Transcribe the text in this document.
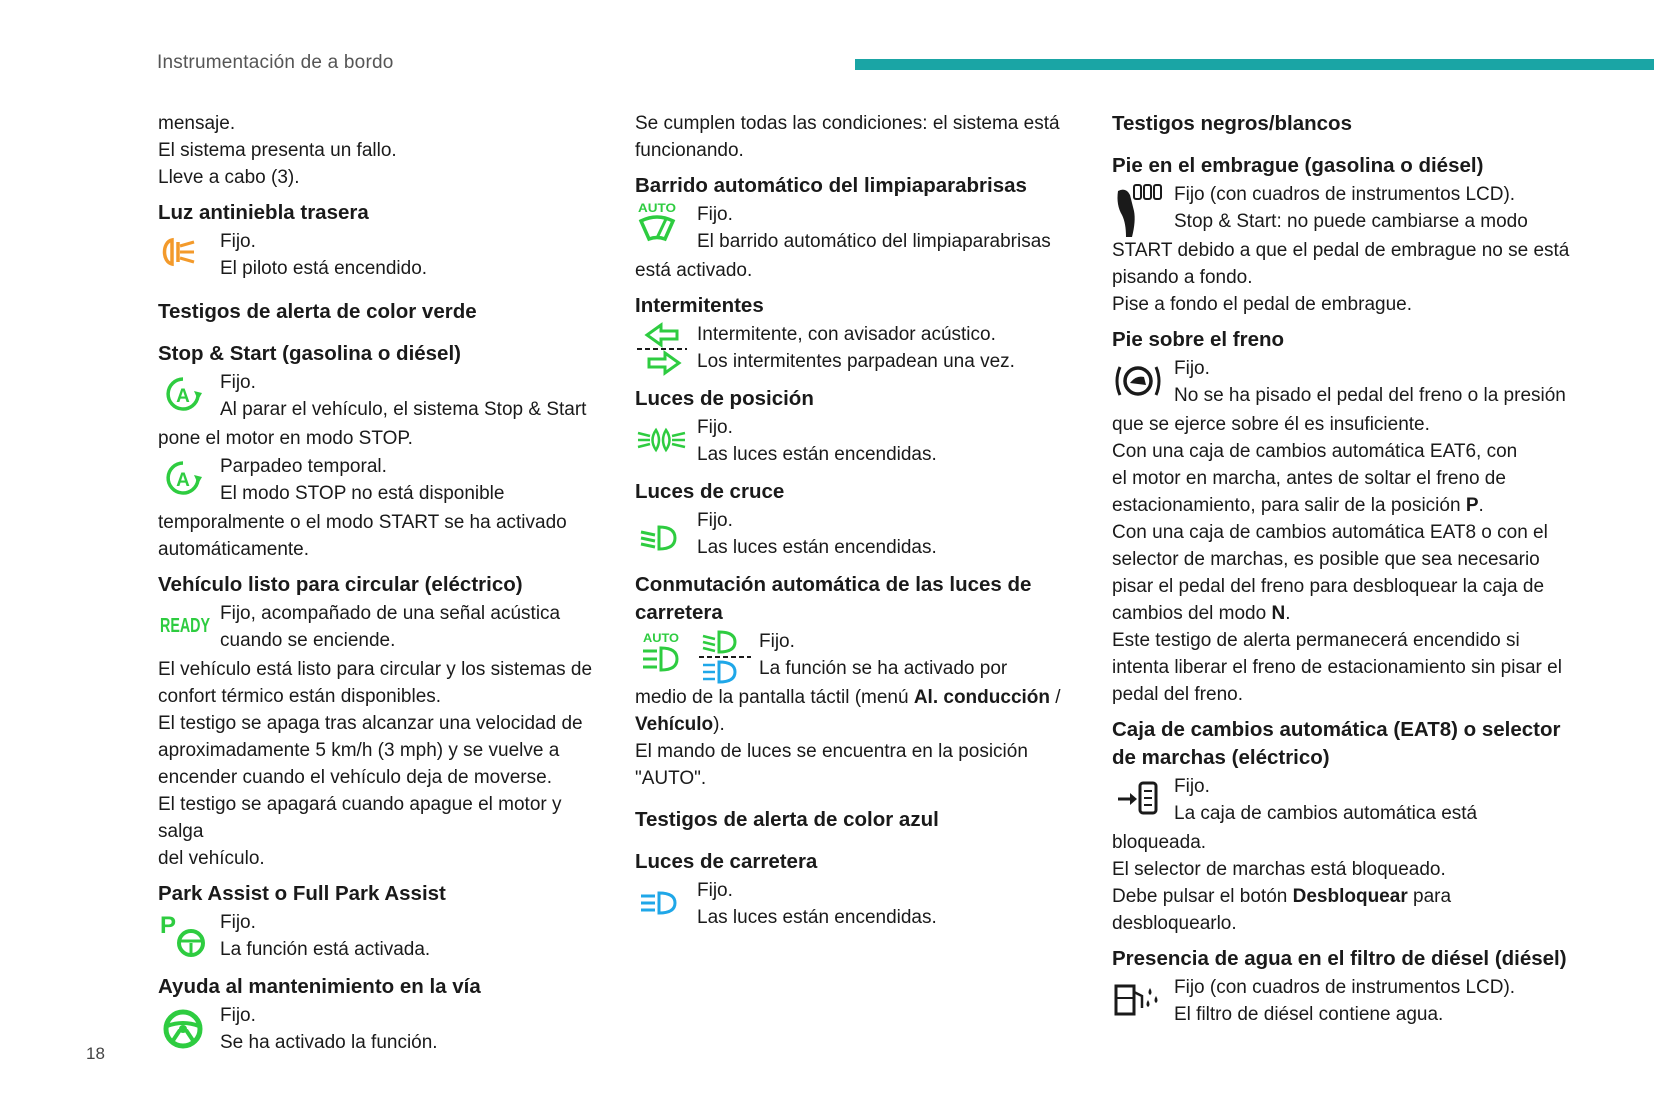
Instrumentación de a bordo
mensaje.
El sistema presenta un fallo.
Lleve a cabo (3).
Luz antiniebla trasera
Fijo.
El piloto está encendido.
Testigos de alerta de color verde
Stop & Start (gasolina o diésel)
A
Fijo.
Al parar el vehículo, el sistema Stop & Start
pone el motor en modo STOP.
A
Parpadeo temporal.
El modo STOP no está disponible
temporalmente o el modo START se ha activado
automáticamente.
Vehículo listo para circular (eléctrico)
READY
Fijo, acompañado de una señal acústica
cuando se enciende.
El vehículo está listo para circular y los sistemas de
confort térmico están disponibles.
El testigo se apaga tras alcanzar una velocidad de
aproximadamente 5 km/h (3 mph) y se vuelve a
encender cuando el vehículo deja de moverse.
El testigo se apagará cuando apague el motor y salga
del vehículo.
Park Assist o Full Park Assist
P	Fijo.
La función está activada.
Ayuda al mantenimiento en la vía
Fijo.
Se ha activado la función.
Se cumplen todas las condiciones: el sistema está
funcionando.
Barrido automático del limpiaparabrisas
AUTO	Fijo.
El barrido automático del limpiaparabrisas
está activado.
Intermitentes
Intermitente, con avisador acústico.
Los intermitentes parpadean una vez.
Luces de posición
Fijo.
Las luces están encendidas.
Luces de cruce
Fijo.
Las luces están encendidas.
Conmutación automática de las luces de
carretera
AUTO	Fijo.
La función se ha activado por
medio de la pantalla táctil (menú Al. conducción /
Vehículo).
El mando de luces se encuentra en la posición
"AUTO".
Testigos de alerta de color azul
Luces de carretera
Fijo.
Las luces están encendidas.
Testigos negros/blancos
Pie en el embrague (gasolina o diésel)
Fijo (con cuadros de instrumentos LCD).
Stop & Start: no puede cambiarse a modo
START debido a que el pedal de embrague no se está
pisando a fondo.
Pise a fondo el pedal de embrague.
Pie sobre el freno
Fijo.
No se ha pisado el pedal del freno o la presión
que se ejerce sobre él es insuficiente.
Con una caja de cambios automática EAT6, con
el motor en marcha, antes de soltar el freno de
estacionamiento, para salir de la posición P.
Con una caja de cambios automática EAT8 o con el
selector de marchas, es posible que sea necesario
pisar el pedal del freno para desbloquear la caja de
cambios del modo N.
Este testigo de alerta permanecerá encendido si
intenta liberar el freno de estacionamiento sin pisar el
pedal del freno.
Caja de cambios automática (EAT8) o selector
de marchas (eléctrico)
Fijo.
La caja de cambios automática está
bloqueada.
El selector de marchas está bloqueado.
Debe pulsar el botón Desbloquear para
desbloquearlo.
Presencia de agua en el filtro de diésel (diésel)
Fijo (con cuadros de instrumentos LCD).
El filtro de diésel contiene agua.
18
